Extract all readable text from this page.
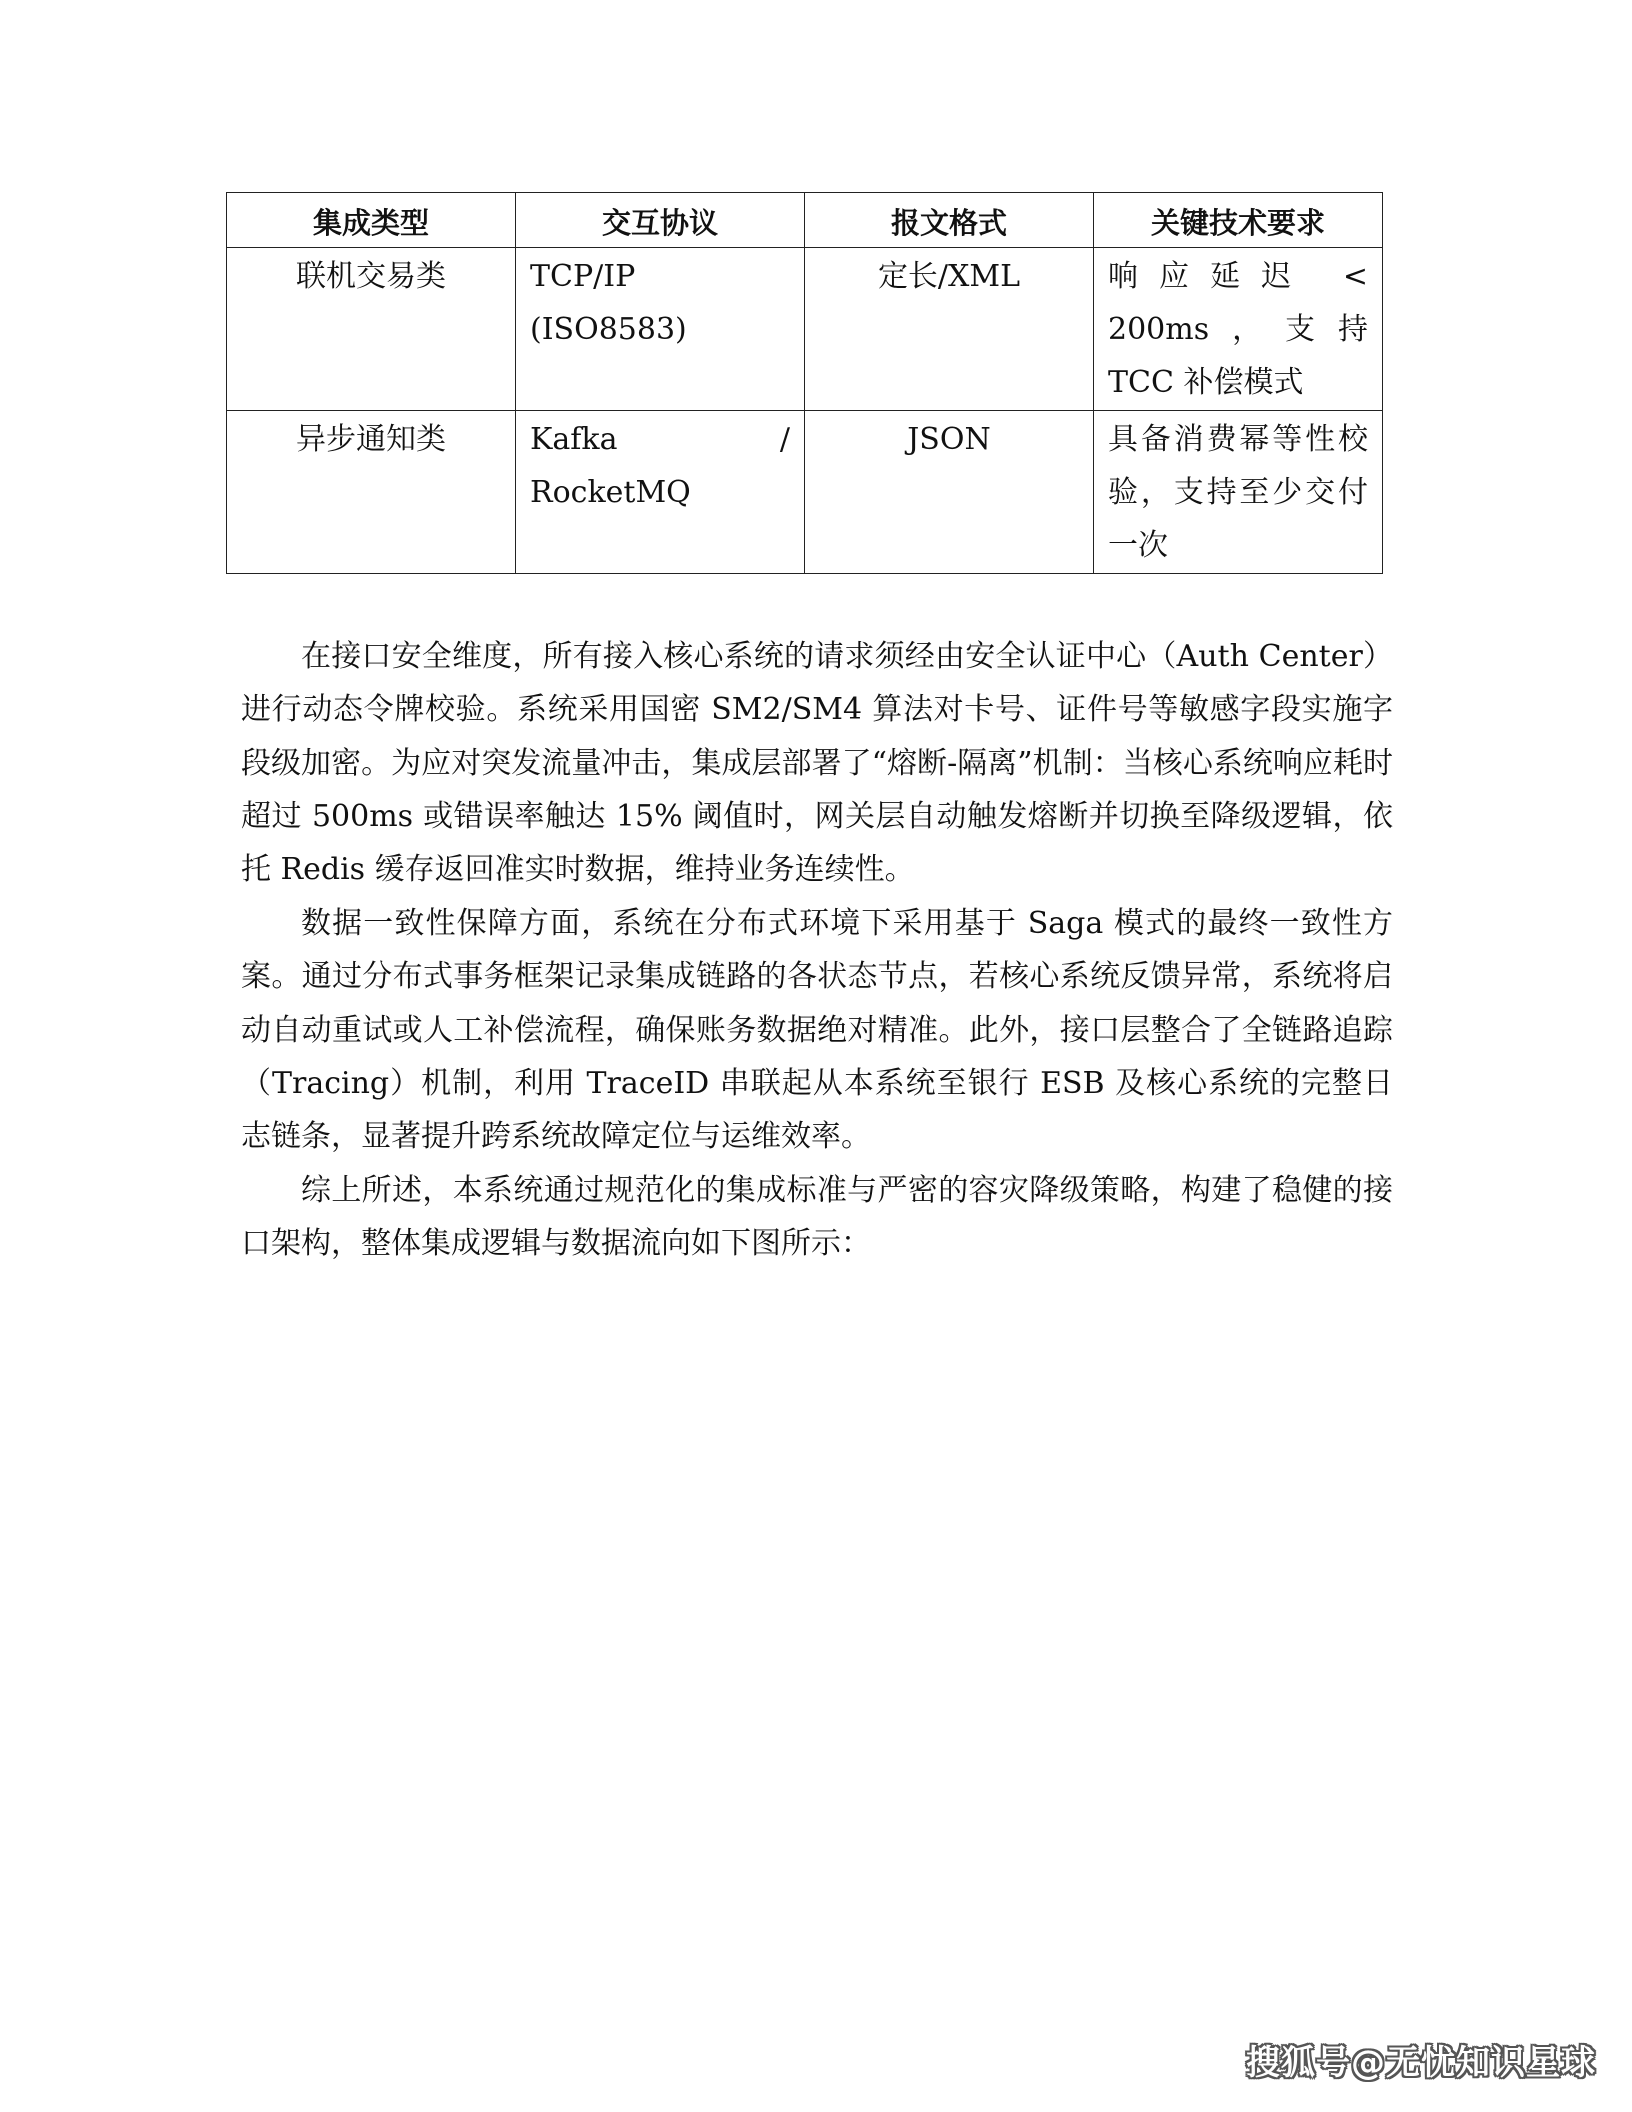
集成类型	交互协议	报文格式	关键技术要求
联机交易类	TCP/IP (ISO8583)	定长/XML	响应延迟 < 200ms，支持 TCC 补偿模式
异步通知类	Kafka / RocketMQ	JSON	具备消费幂等性校验，支持至少交付一次

在接口安全维度，所有接入核心系统的请求须经由安全认证中心（Auth Center）进行动态令牌校验。系统采用国密 SM2/SM4 算法对卡号、证件号等敏感字段实施字段级加密。为应对突发流量冲击，集成层部署了“熔断-隔离”机制：当核心系统响应耗时超过 500ms 或错误率触达 15% 阈值时，网关层自动触发熔断并切换至降级逻辑，依托 Redis 缓存返回准实时数据，维持业务连续性。

数据一致性保障方面，系统在分布式环境下采用基于 Saga 模式的最终一致性方案。通过分布式事务框架记录集成链路的各状态节点，若核心系统反馈异常，系统将启动自动重试或人工补偿流程，确保账务数据绝对精准。此外，接口层整合了全链路追踪（Tracing）机制，利用 TraceID 串联起从本系统至银行 ESB 及核心系统的完整日志链条，显著提升跨系统故障定位与运维效率。

综上所述，本系统通过规范化的集成标准与严密的容灾降级策略，构建了稳健的接口架构，整体集成逻辑与数据流向如下图所示：

搜狐号@无忧知识星球
